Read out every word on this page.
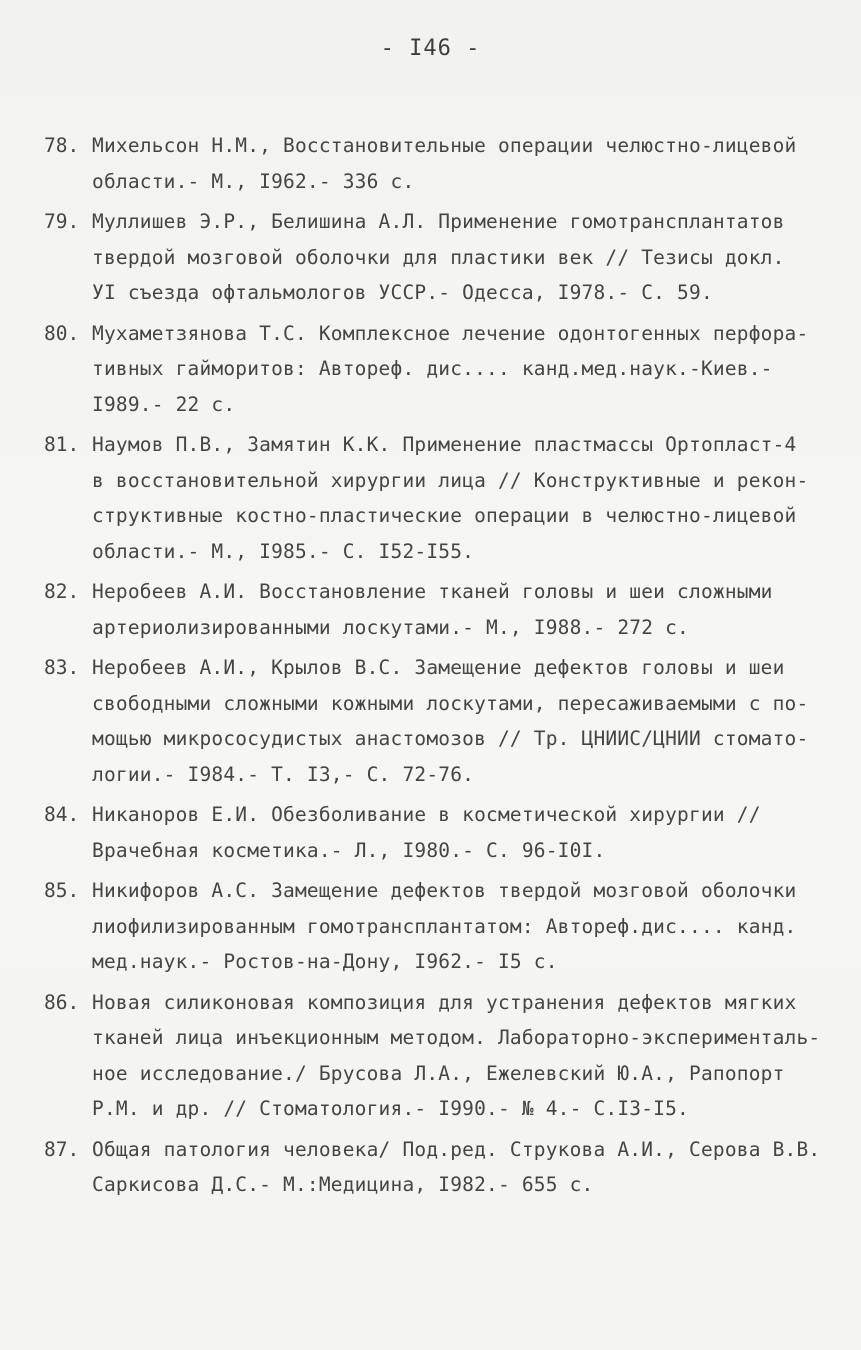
- I46 -
78. Михельсон Н.М., Восстановительные операции челюстно-лицевой
области.- М., I962.- 336 с.
79. Муллишев Э.Р., Белишина А.Л. Применение гомотрансплантатов
твердой мозговой оболочки для пластики век // Тезисы докл.
УI съезда офтальмологов УССР.- Одесса, I978.- С. 59.
80. Мухаметзянова Т.С. Комплексное лечение одонтогенных перфора-
тивных гайморитов: Автореф. дис.... канд.мед.наук.-Киев.-
I989.- 22 с.
81. Наумов П.В., Замятин К.К. Применение пластмассы Ортопласт-4
в восстановительной хирургии лица // Конструктивные и рекон-
структивные костно-пластические операции в челюстно-лицевой
области.- М., I985.- С. I52-I55.
82. Неробеев А.И. Восстановление тканей головы и шеи сложными
артериолизированными лоскутами.- М., I988.- 272 с.
83. Неробеев А.И., Крылов В.С. Замещение дефектов головы и шеи
свободными сложными кожными лоскутами, пересаживаемыми с по-
мощью микрососудистых анастомозов // Тр. ЦНИИС/ЦНИИ стомато-
логии.- I984.- Т. I3,- С. 72-76.
84. Никаноров Е.И. Обезболивание в косметической хирургии //
Врачебная косметика.- Л., I980.- С. 96-I0I.
85. Никифоров А.С. Замещение дефектов твердой мозговой оболочки
лиофилизированным гомотрансплантатом: Автореф.дис.... канд.
мед.наук.- Ростов-на-Дону, I962.- I5 с.
86. Новая силиконовая композиция для устранения дефектов мягких
тканей лица инъекционным методом. Лабораторно-эксперименталь-
ное исследование./ Брусова Л.А., Ежелевский Ю.А., Рапопорт
Р.М. и др. // Стоматология.- I990.- № 4.- С.I3-I5.
87. Общая патология человека/ Под.ред. Струкова А.И., Серова В.В.
Саркисова Д.С.- М.:Медицина, I982.- 655 с.
